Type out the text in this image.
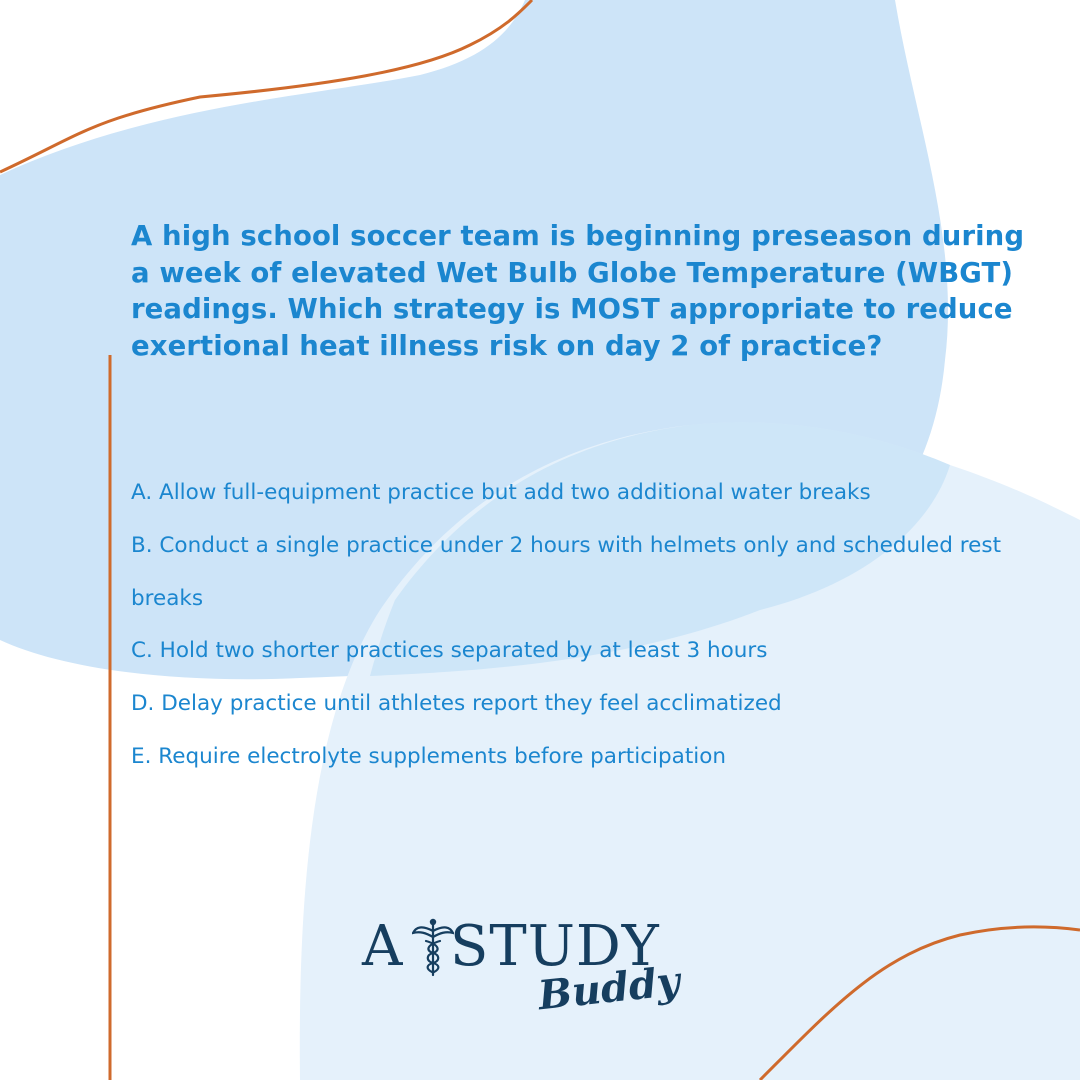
A high school soccer team is beginning preseason during a week of elevated Wet Bulb Globe Temperature (WBGT) readings. Which strategy is MOST appropriate to reduce exertional heat illness risk on day 2 of practice?

A. Allow full-equipment practice but add two additional water breaks
B. Conduct a single practice under 2 hours with helmets only and scheduled rest breaks
C. Hold two shorter practices separated by at least 3 hours
D. Delay practice until athletes report they feel acclimatized
E. Require electrolyte supplements before participation
A STUDY
Buddy
